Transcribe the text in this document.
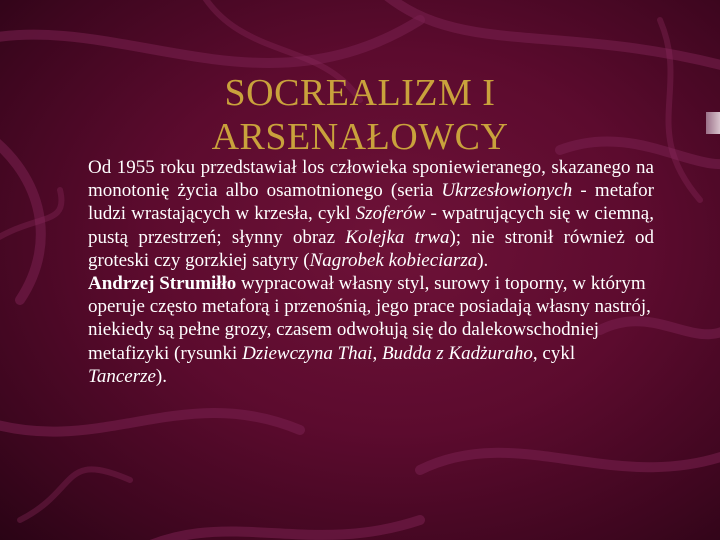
SOCREALIZM I
ARSENAŁOWCY

Od 1955 roku przedstawiał los człowieka sponiewieranego, skazanego na monotonię życia albo osamotnionego (seria Ukrzesłowionych - metafor ludzi wrastających w krzesła, cykl Szoferów - wpatrujących się w ciemną, pustą przestrzeń; słynny obraz Kolejka trwa); nie stronił również od groteski czy gorzkiej satyry (Nagrobek kobieciarza).

Andrzej Strumiłło wypracował własny styl, surowy i toporny, w którym operuje często metaforą i przenośnią, jego prace posiadają własny nastrój, niekiedy są pełne grozy, czasem odwołują się do dalekowschodniej metafizyki (rysunki Dziewczyna Thai, Budda z Kadżuraho, cykl Tancerze).
